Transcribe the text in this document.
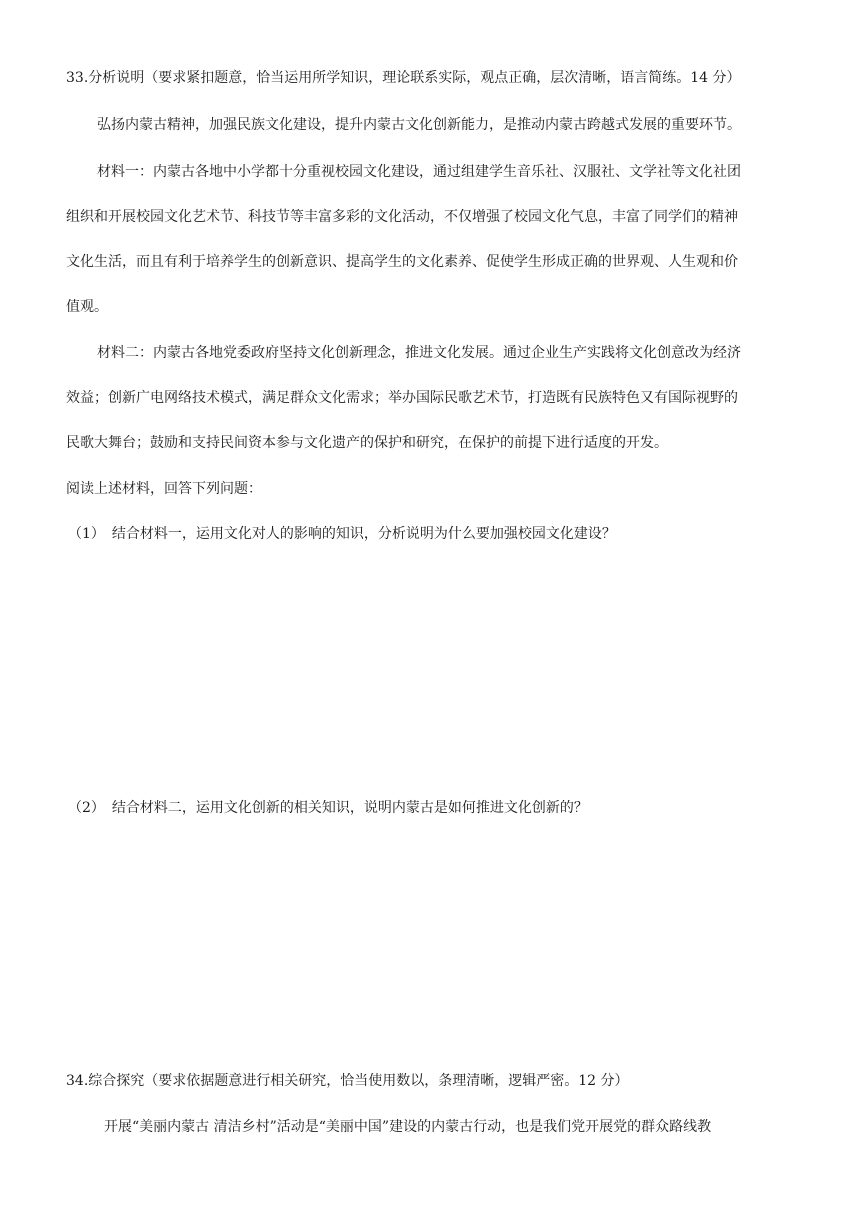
33.分析说明（要求紧扣题意，恰当运用所学知识，理论联系实际，观点正确，层次清晰，语言简练。14 分）
弘扬内蒙古精神，加强民族文化建设，提升内蒙古文化创新能力，是推动内蒙古跨越式发展的重要环节。
材料一：内蒙古各地中小学都十分重视校园文化建设，通过组建学生音乐社、汉服社、文学社等文化社团
组织和开展校园文化艺术节、科技节等丰富多彩的文化活动，不仅增强了校园文化气息，丰富了同学们的精神
文化生活，而且有利于培养学生的创新意识、提高学生的文化素养、促使学生形成正确的世界观、人生观和价
值观。
材料二：内蒙古各地党委政府坚持文化创新理念，推进文化发展。通过企业生产实践将文化创意改为经济
效益；创新广电网络技术模式，满足群众文化需求；举办国际民歌艺术节，打造既有民族特色又有国际视野的
民歌大舞台；鼓励和支持民间资本参与文化遗产的保护和研究，在保护的前提下进行适度的开发。
阅读上述材料，回答下列问题：
（1）　结合材料一，运用文化对人的影响的知识，分析说明为什么要加强校园文化建设？
（2）　结合材料二，运用文化创新的相关知识，说明内蒙古是如何推进文化创新的？
34.综合探究（要求依据题意进行相关研究，恰当使用数以，条理清晰，逻辑严密。12 分）
开展“美丽内蒙古 清洁乡村”活动是“美丽中国”建设的内蒙古行动，也是我们党开展党的群众路线教
